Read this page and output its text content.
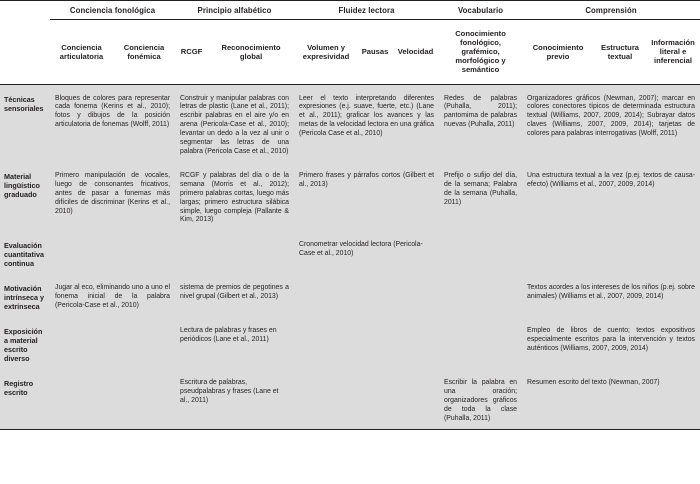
	Conciencia fonológica		Principio alfabético		Fluidez lectora			Vocabulario	Comprensión		
	Conciencia articulatoria	Conciencia fonémica	RCGF	Reconocimiento global	Volumen y expresividad	Pausas	Velocidad	Conocimiento fonológico, grafémico, morfológico y semántico	Conocimiento previo	Estructura textual	Información literal e inferencial

Técnicas sensoriales	Bloques de colores para representar cada fonema (Kerins et al., 2010); fotos y dibujos de la posición articulatoria de fonemas (Wolff, 2011)	Construir y manipular palabras con letras de plastic (Lane et al., 2011); escribir palabras en el aire y/o en arena (Pericola-Case et al., 2010); levantar un dedo a la vez al unir o segmentar las letras de una palabra (Pericola Case et al., 2010)	Leer el texto interpretando diferentes expresiones (e.j. suave, fuerte, etc.) (Lane et al., 2011); graficar los avances y las metas de la velocidad lectora en una gráfica (Pericola Case et al., 2010)	Redes de palabras (Puhalla, 2011); pantomima de palabras nuevas (Puhalla, 2011)	Organizadores gráficos (Newman, 2007); marcar en colores conectores típicos de determinada estructura textual (Williams, 2007, 2009, 2014); Subrayar datos claves (Williams, 2007, 2009, 2014); tarjetas de colores para palabras interrogativas (Wolff, 2011)

Material lingüístico graduado	Primero manipulación de vocales, luego de consonantes fricativos, antes de pasar a fonemas más difíciles de discriminar (Kerins et al., 2010)		RCGF y palabras del día o de la semana (Morris et al., 2012); primero palabras cortas, luego más largas; primero estructura silábica simple, luego compleja (Pallante & Kim, 2013)		Primero frases y párrafos cortos (Gilbert et al., 2013)			Prefijo o sufijo del día, de la semana; Palabra de la semana (Puhalla, 2011)	Una estructura textual a la vez (p.ej. textos de causa-efecto) (Williams et al., 2007, 2009, 2014)		

Evaluación cuantitativa continua					Cronometrar velocidad lectora (Pericola-Case et al., 2010)						

Motivación intrínseca y extrínseca	Jugar al eco, eliminando uno a uno el fonema inicial de la palabra (Pericola-Case et al., 2010)		sistema de premios de pegotines a nivel grupal (Gilbert et al., 2013)						Textos acordes a los intereses de los niños (p.ej. sobre animales) (Williams et al., 2007, 2009, 2014)		

Exposición a material escrito diverso			Lectura de palabras y frases en periódicos (Lane et al., 2011)						Empleo de libros de cuento; textos expositivos especialmente escritos para la intervención y textos auténticos (Williams, 2007, 2009, 2014)		

Registro escrito			Escritura de palabras, pseudpalabras y frases (Lane et al., 2011)					Escribir la palabra en una oración; organizadores gráficos de toda la clase (Puhalla, 2011)	Resumen escrito del texto (Newman, 2007)		
